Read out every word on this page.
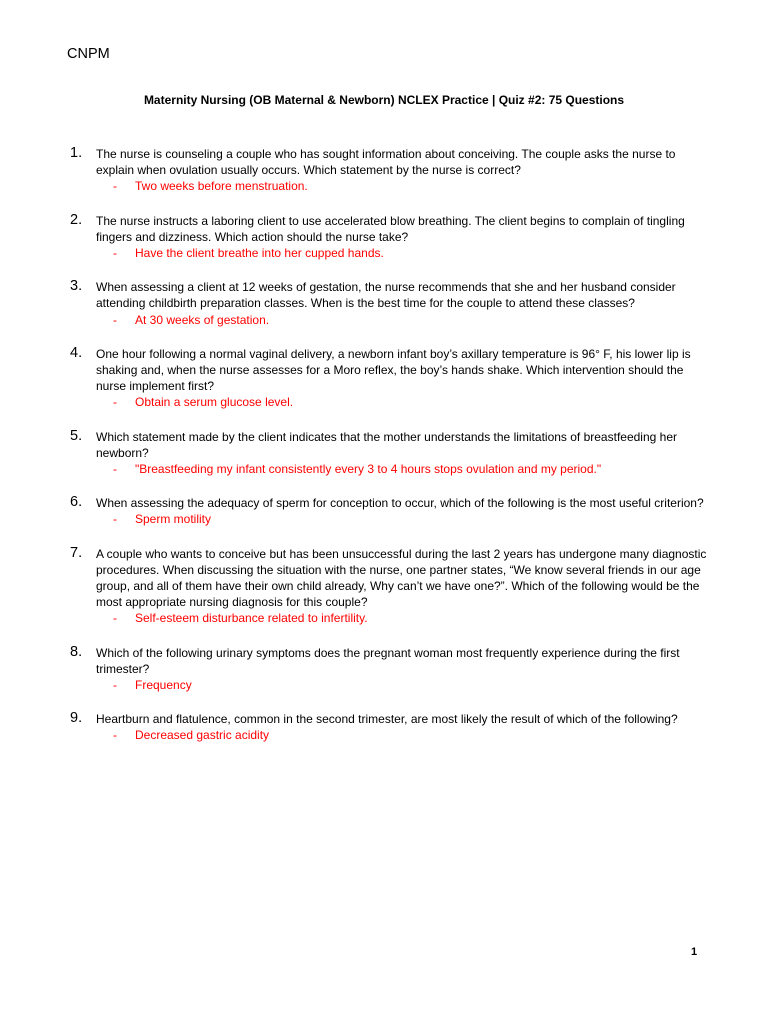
CNPM
Maternity Nursing (OB Maternal & Newborn) NCLEX Practice | Quiz #2: 75 Questions
1.	The nurse is counseling a couple who has sought information about conceiving. The couple asks the nurse to explain when ovulation usually occurs. Which statement by the nurse is correct?
-	Two weeks before menstruation.
2.	The nurse instructs a laboring client to use accelerated blow breathing. The client begins to complain of tingling fingers and dizziness. Which action should the nurse take?
-	Have the client breathe into her cupped hands.
3.	When assessing a client at 12 weeks of gestation, the nurse recommends that she and her husband consider attending childbirth preparation classes. When is the best time for the couple to attend these classes?
-	At 30 weeks of gestation.
4.	One hour following a normal vaginal delivery, a newborn infant boy’s axillary temperature is 96° F, his lower lip is shaking and, when the nurse assesses for a Moro reflex, the boy’s hands shake. Which intervention should the nurse implement first?
-	Obtain a serum glucose level.
5.	Which statement made by the client indicates that the mother understands the limitations of breastfeeding her newborn?
-	"Breastfeeding my infant consistently every 3 to 4 hours stops ovulation and my period."
6.	When assessing the adequacy of sperm for conception to occur, which of the following is the most useful criterion?
-	Sperm motility
7.	A couple who wants to conceive but has been unsuccessful during the last 2 years has undergone many diagnostic procedures. When discussing the situation with the nurse, one partner states, “We know several friends in our age group, and all of them have their own child already, Why can’t we have one?”. Which of the following would be the most appropriate nursing diagnosis for this couple?
-	Self-esteem disturbance related to infertility.
8.	Which of the following urinary symptoms does the pregnant woman most frequently experience during the first trimester?
-	Frequency
9.	Heartburn and flatulence, common in the second trimester, are most likely the result of which of the following?
-	Decreased gastric acidity
1
